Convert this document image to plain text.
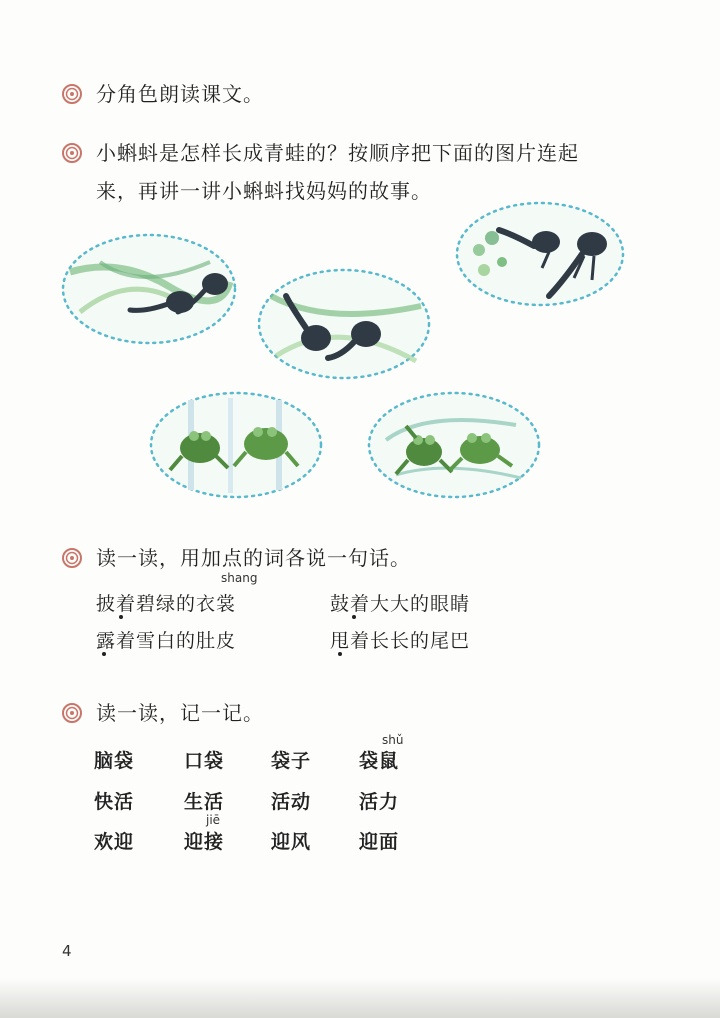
分角色朗读课文。
小蝌蚪是怎样长成青蛙的？按顺序把下面的图片连起
来，再讲一讲小蝌蚪找妈妈的故事。
读一读，用加点的词各说一句话。
shang
披着碧绿的衣裳	鼓着大大的眼睛
露着雪白的肚皮	甩着长长的尾巴
读一读，记一记。
shǔ
脑袋	口袋 袋子	袋鼠
快活	生活 活动	活力
jiē
欢迎	迎接 迎风	迎面
4
